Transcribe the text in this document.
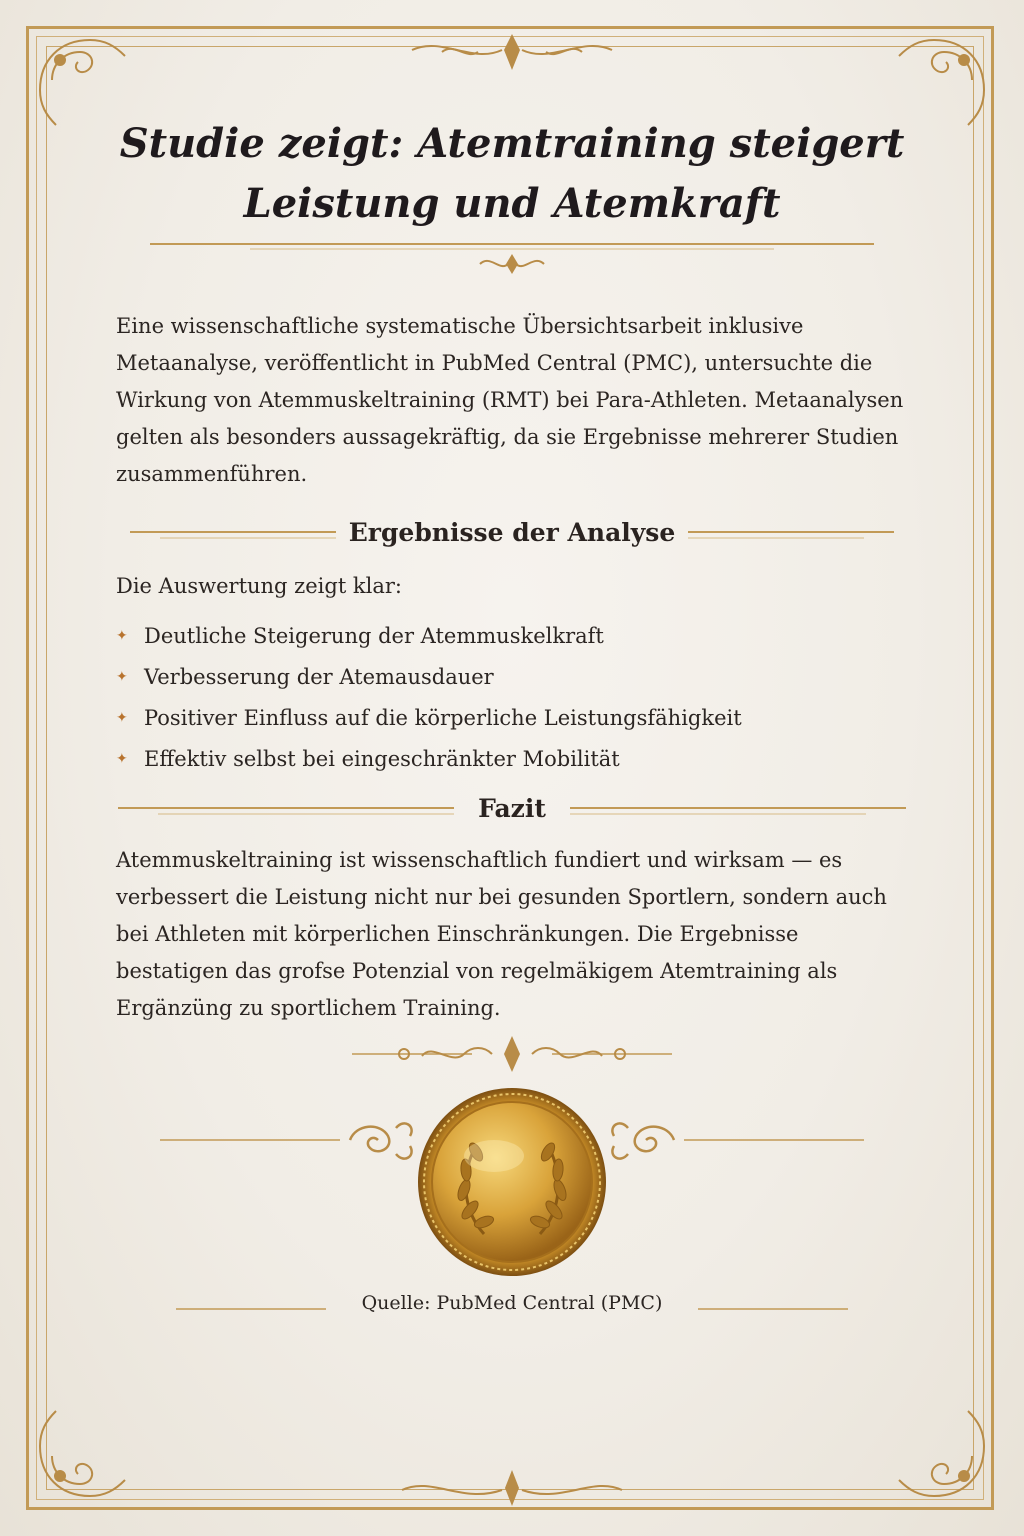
Studie zeigt: Atemtraining steigert
Leistung und Atemkraft

Eine wissenschaftliche systematische Übersichtsarbeit inklusive Metaanalyse, veröffentlicht in PubMed Central (PMC), untersuchte die Wirkung von Atemmuskeltraining (RMT) bei Para-Athleten. Metaanalysen gelten als besonders aussagekräftig, da sie Ergebnisse mehrerer Studien zusammenführen.

Ergebnisse der Analyse

Die Auswertung zeigt klar:

✦ Deutliche Steigerung der Atemmuskelkraft
✦ Verbesserung der Atemausdauer
✦ Positiver Einfluss auf die körperliche Leistungsfähigkeit
✦ Effektiv selbst bei eingeschränkter Mobilität
Fazit

Atemmuskeltraining ist wissenschaftlich fundiert und wirksam — es verbessert die Leistung nicht nur bei gesunden Sportlern, sondern auch bei Athleten mit körperlichen Einschränkungen. Die Ergebnisse bestatigen das grofse Potenzial von regelmäkigem Atemtraining als Ergänzüng zu sportlichem Training.

Quelle: PubMed Central (PMC)
